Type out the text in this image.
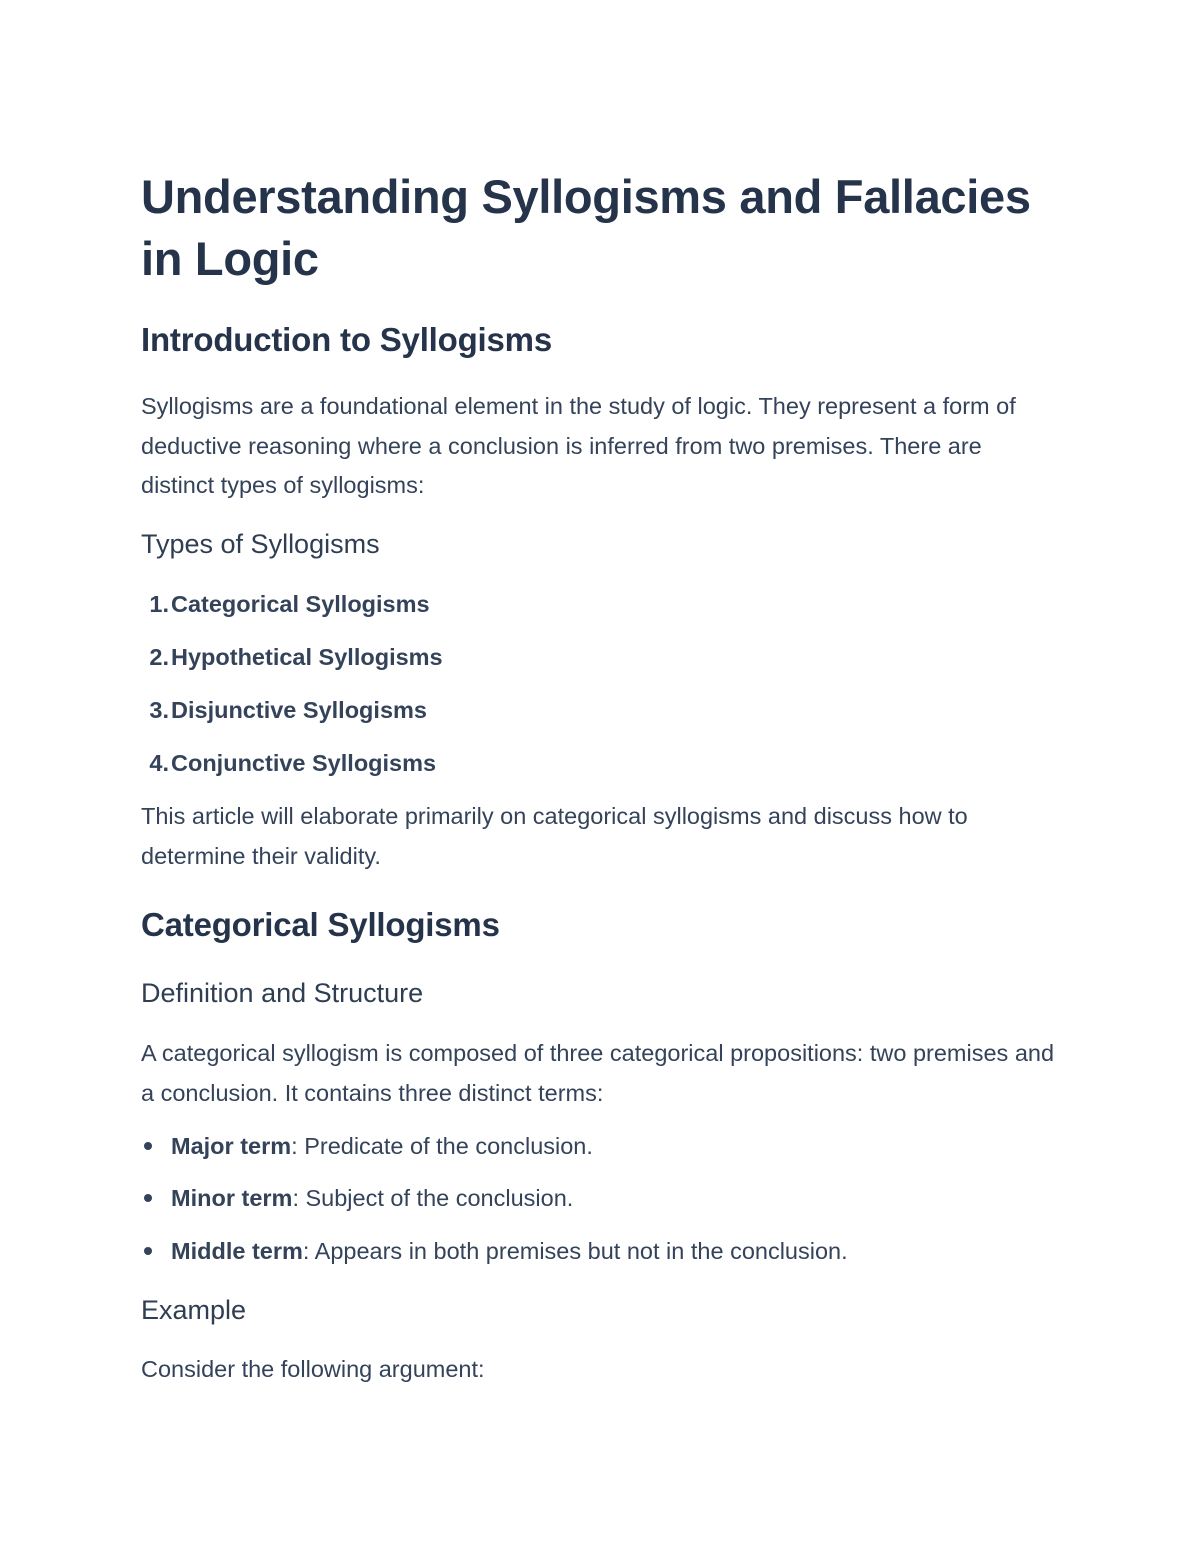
Understanding Syllogisms and Fallacies in Logic
Introduction to Syllogisms

Syllogisms are a foundational element in the study of logic. They represent a form of deductive reasoning where a conclusion is inferred from two premises. There are distinct types of syllogisms:

Types of Syllogisms
1. Categorical Syllogisms
2. Hypothetical Syllogisms
3. Disjunctive Syllogisms
4. Conjunctive Syllogisms

This article will elaborate primarily on categorical syllogisms and discuss how to determine their validity.

Categorical Syllogisms
Definition and Structure

A categorical syllogism is composed of three categorical propositions: two premises and a conclusion. It contains three distinct terms:

Major term: Predicate of the conclusion.
Minor term: Subject of the conclusion.
Middle term: Appears in both premises but not in the conclusion.
Example

Consider the following argument:
